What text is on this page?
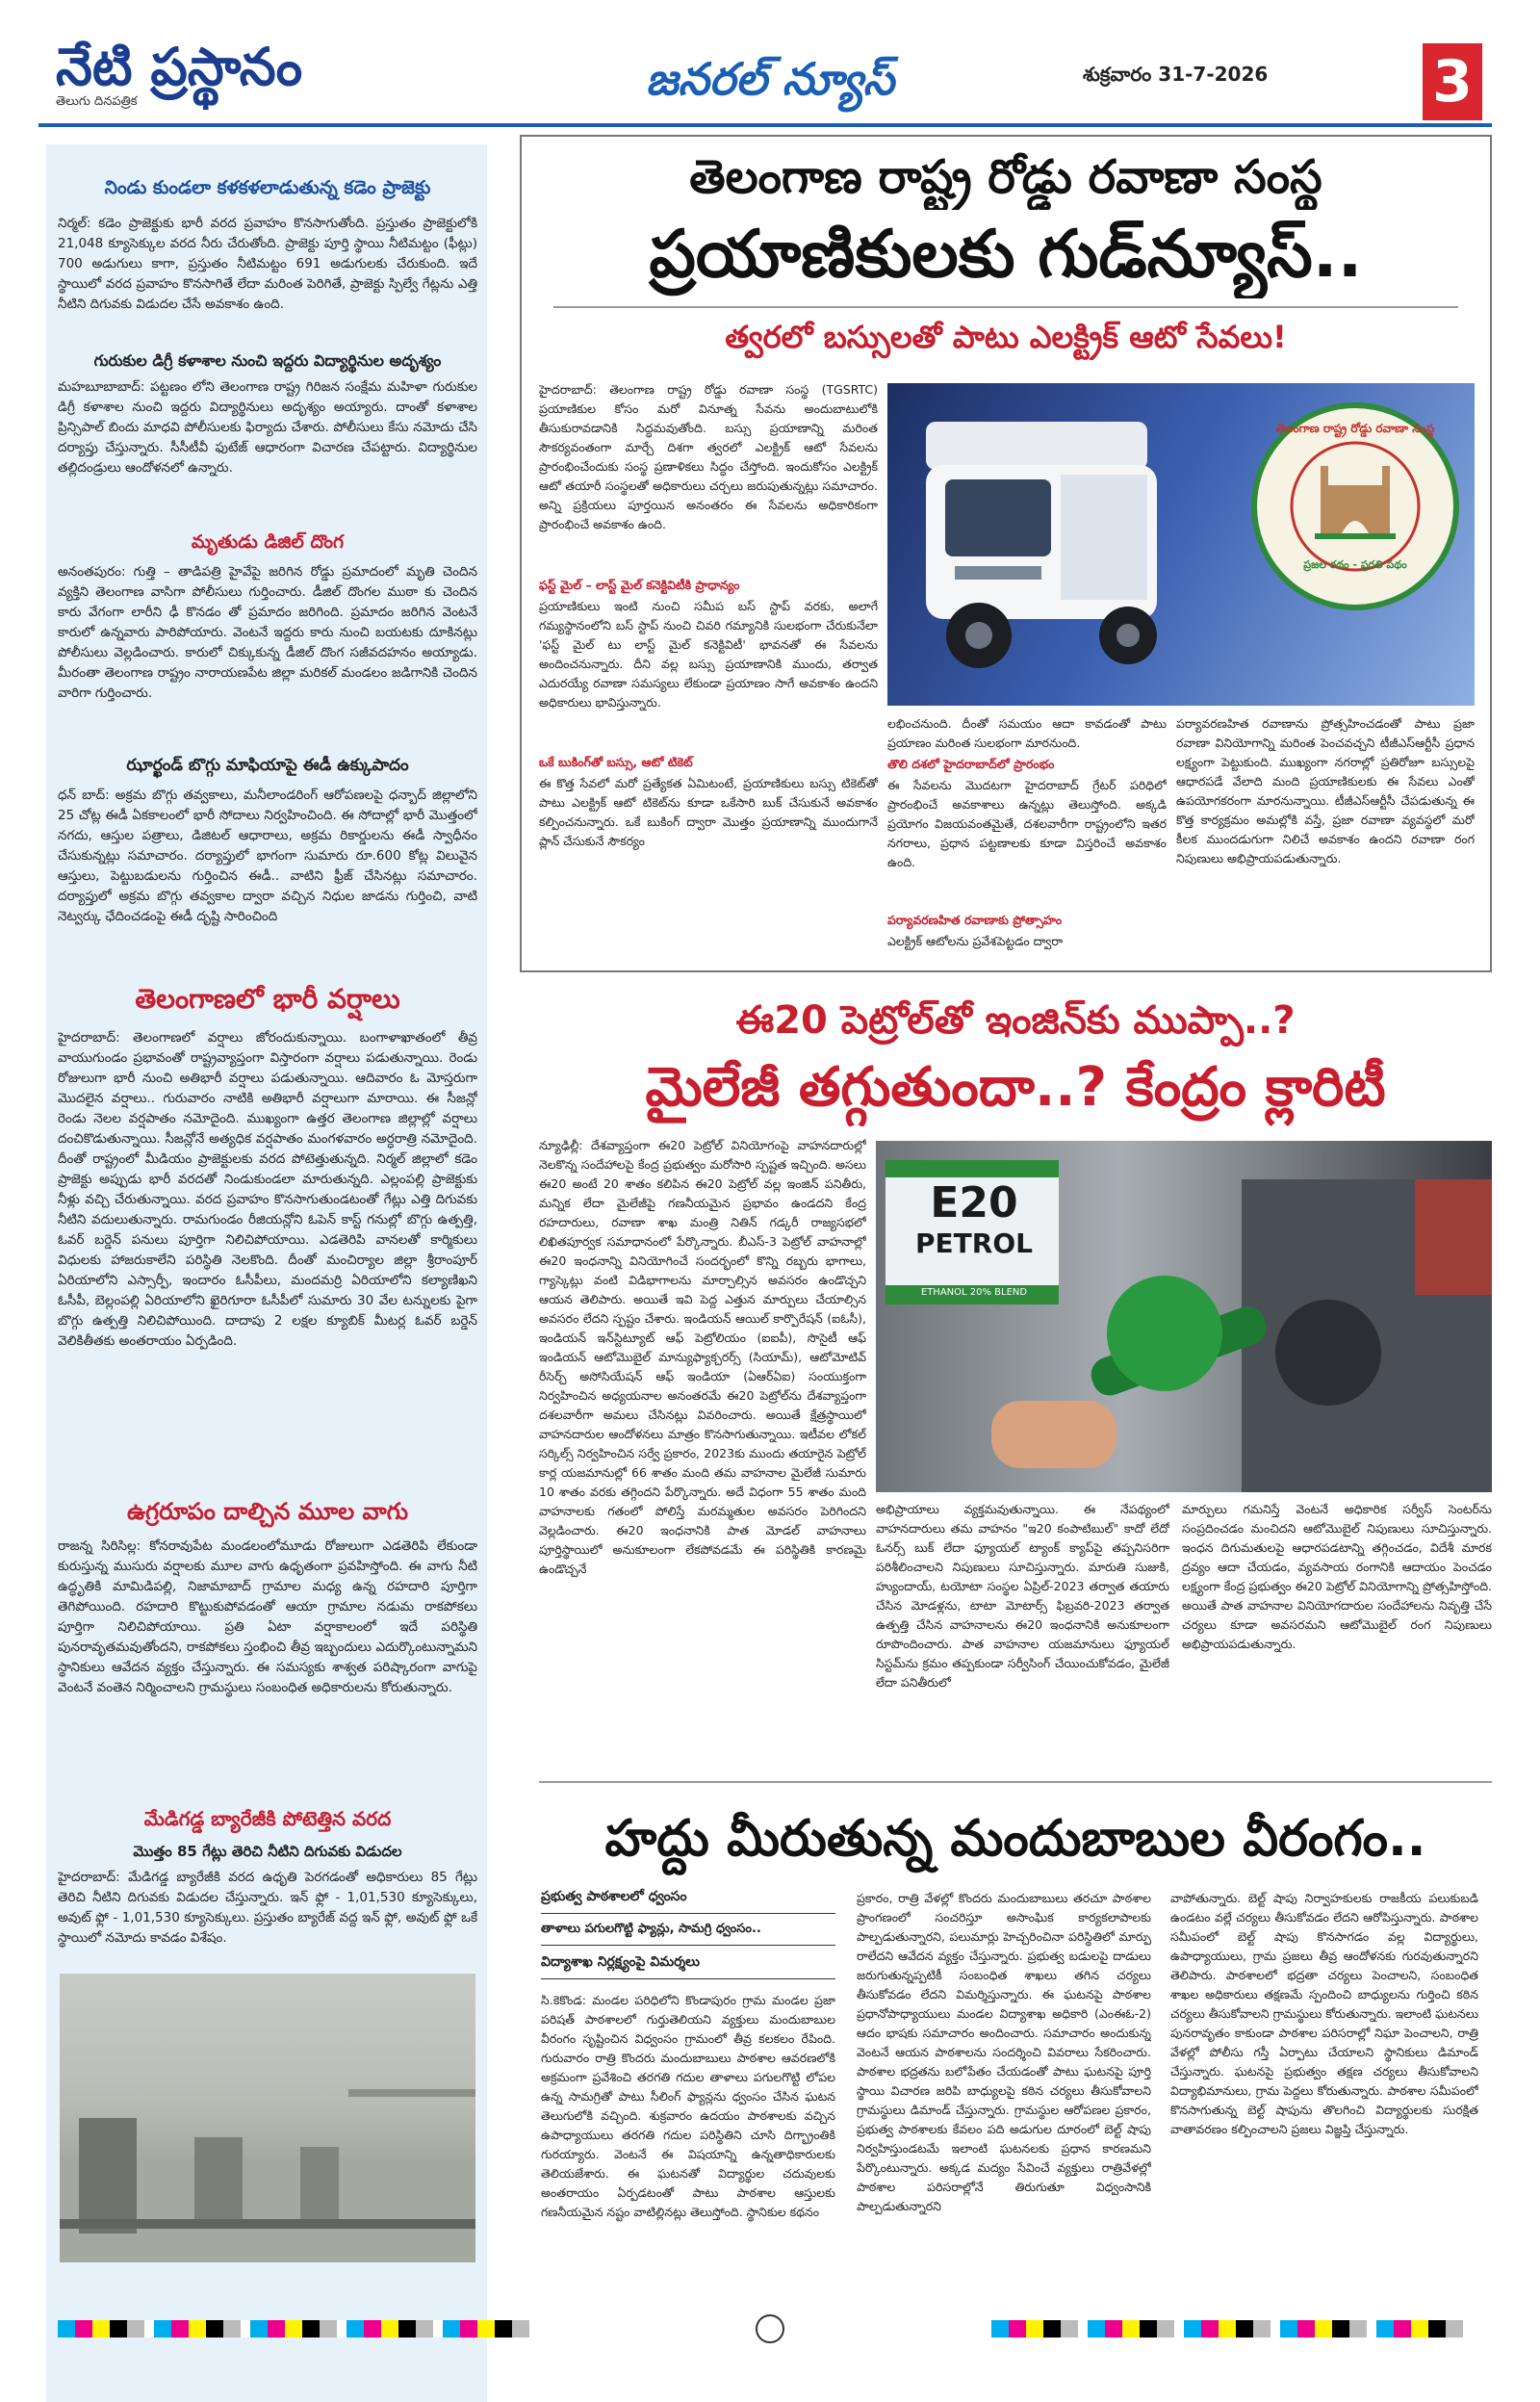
నేటి ప్రస్థానం
తెలుగు దినపత్రిక	జనరల్ న్యూస్	శుక్రవారం 31-7-2026	3
నిండు కుండలా కళకళలాడుతున్న కడెం ప్రాజెక్టు
నిర్మల్: కడెం ప్రాజెక్టుకు భారీ వరద ప్రవాహం కొనసాగుతోంది. ప్రస్తుతం ప్రాజెక్టులోకి 21,048 క్యూసెక్కుల వరద నీరు చేరుతోంది. ప్రాజెక్టు పూర్తి స్థాయి నీటిమట్టం (ఫీట్లు) 700 అడుగులు కాగా, ప్రస్తుతం నీటిమట్టం 691 అడుగులకు చేరుకుంది. ఇదే స్థాయిలో వరద ప్రవాహం కొనసాగితే లేదా మరింత పెరిగితే, ప్రాజెక్టు స్పిల్వే గేట్లను ఎత్తి నీటిని దిగువకు విడుదల చేసే అవకాశం ఉంది.
గురుకుల డిగ్రీ కళాశాల నుంచి ఇద్దరు విద్యార్థినుల అదృశ్యం
మహబూబాబాద్: పట్టణం లోని తెలంగాణ రాష్ట్ర గిరిజన సంక్షేమ మహిళా గురుకుల డిగ్రీ కళాశాల నుంచి ఇద్దరు విద్యార్థినులు అదృశ్యం అయ్యారు. దాంతో కళాశాల ప్రిన్సిపాల్ బిందు మాధవి పోలీసులకు ఫిర్యాదు చేశారు. పోలీసులు కేసు నమోదు చేసి దర్యాప్తు చేస్తున్నారు. సీసీటీవీ ఫుటేజ్ ఆధారంగా విచారణ చేపట్టారు. విద్యార్థినుల తల్లిదండ్రులు ఆందోళనలో ఉన్నారు.
మృతుడు డిజిల్ దొంగ
అనంతపురం: గుత్తి – తాడిపత్రి హైవేపై జరిగిన రోడ్డు ప్రమాదంలో మృతి చెందిన వ్యక్తిని తెలంగాణ వాసిగా పోలీసులు గుర్తించారు. డీజిల్ దొంగల ముఠా కు చెందిన కారు వేగంగా లారీని ఢీ కొనడం తో ప్రమాదం జరిగింది. ప్రమాదం జరిగిన వెంటనే కారులో ఉన్నవారు పారిపోయారు. వెంటనే ఇద్దరు కారు నుంచి బయటకు దూకినట్లు పోలీసులు వెల్లడించారు. కారులో చిక్కుకున్న డీజిల్ దొంగ సజీవదహనం అయ్యాడు. మీరంతా తెలంగాణ రాష్ట్రం నారాయణపేట జిల్లా మరికల్ మండలం జడిగానికి చెందిన వారిగా గుర్తించారు.
ఝార్ఖండ్ బొగ్గు మాఫియాపై ఈడీ ఉక్కుపాదం
ధన్ బాద్: అక్రమ బొగ్గు తవ్వకాలు, మనీలాండరింగ్ ఆరోపణలపై ధన్బాద్ జిల్లాలోని 25 చోట్ల ఈడీ ఏకకాలంలో భారీ సోదాలు నిర్వహించింది. ఈ సోదాల్లో భారీ మొత్తంలో నగదు, ఆస్తుల పత్రాలు, డిజిటల్ ఆధారాలు, అక్రమ రికార్డులను ఈడీ స్వాధీనం చేసుకున్నట్లు సమాచారం. దర్యాప్తులో భాగంగా సుమారు రూ.600 కోట్ల విలువైన ఆస్తులు, పెట్టుబడులను గుర్తించిన ఈడీ.. వాటిని ఫ్రీజ్ చేసినట్లు సమాచారం. దర్యాప్తులో అక్రమ బొగ్గు తవ్వకాల ద్వారా వచ్చిన నిధుల జాడను గుర్తించి, వాటి నెట్వర్కు ఛేదించడంపై ఈడీ దృష్టి సారించింది
తెలంగాణలో భారీ వర్షాలు
హైదరాబాద్: తెలంగాణలో వర్షాలు జోరందుకున్నాయి. బంగాళాఖాతంలో తీవ్ర వాయుగుండం ప్రభావంతో రాష్ట్రవ్యాప్తంగా విస్తారంగా వర్షాలు పడుతున్నాయి. రెండు రోజులుగా భారీ నుంచి అతిభారీ వర్షాలు పడుతున్నాయి. ఆదివారం ఓ మోస్తరుగా మొదలైన వర్షాలు.. గురువారం నాటికి అతిభారీ వర్షాలుగా మారాయి. ఈ సీజన్లో రెండు నెలల వర్షపాతం నమోదైంది. ముఖ్యంగా ఉత్తర తెలంగాణ జిల్లాల్లో వర్షాలు దంచికొడుతున్నాయి. సీజన్లోనే అత్యధిక వర్షపాతం మంగళవారం అర్ధరాత్రి నమోదైంది. దీంతో రాష్ట్రంలో మీడియం ప్రాజెక్టులకు వరద పోటెత్తుతున్నది. నిర్మల్ జిల్లాలో కడెం ప్రాజెక్టు అప్పుడు భారీ వరదతో నిండుకుండలా మారుతున్నది. ఎల్లంపల్లి ప్రాజెక్టుకు నీళ్లు వచ్చి చేరుతున్నాయి. వరద ప్రవాహం కొనసాగుతుండటంతో గేట్లు ఎత్తి దిగువకు నీటిని వదులుతున్నారు. రామగుండం రీజియన్లోని ఓపెన్ కాస్ట్ గనుల్లో బొగ్గు ఉత్పత్తి, ఓవర్ బర్డెన్ పనులు పూర్తిగా నిలిచిపోయాయి. ఎడతెరిపి వానలతో కార్మికులు విధులకు హాజరుకాలేని పరిస్థితి నెలకొంది. దీంతో మంచిర్యాల జిల్లా శ్రీరాంపూర్ ఏరియాలోని ఎస్సార్పీ, ఇందారం ఓసీపీలు, మందమర్రి ఏరియాలోని కల్యాణిఖని ఓసీపీ, బెల్లంపల్లి ఏరియాలోని ఖైరిగూరా ఓసీపీలో సుమారు 30 వేల టన్నులకు పైగా బొగ్గు ఉత్పత్తి నిలిచిపోయింది. దాదాపు 2 లక్షల క్యూబిక్ మీటర్ల ఓవర్ బర్డెన్ వెలికితీతకు అంతరాయం ఏర్పడింది.
ఉగ్రరూపం దాల్చిన మూల వాగు
రాజన్న సిరిసిల్ల: కోనరావుపేట మండలంలోమూడు రోజులుగా ఎడతెరిపి లేకుండా కురుస్తున్న ముసురు వర్షాలకు మూల వాగు ఉధృతంగా ప్రవహిస్తోంది. ఈ వాగు నీటి ఉద్ధృతికి మామిడిపల్లి, నిజామాబాద్ గ్రామాల మధ్య ఉన్న రహదారి పూర్తిగా తెగిపోయింది. రహదారి కొట్టుకుపోవడంతో ఆయా గ్రామాల నడుమ రాకపోకలు పూర్తిగా నిలిచిపోయాయి. ప్రతి ఏటా వర్షాకాలంలో ఇదే పరిస్థితి పునరావృతమవుతోందని, రాకపోకలు స్తంభించి తీవ్ర ఇబ్బందులు ఎదుర్కొంటున్నామని స్థానికులు ఆవేదన వ్యక్తం చేస్తున్నారు. ఈ సమస్యకు శాశ్వత పరిష్కారంగా వాగుపై వెంటనే వంతెన నిర్మించాలని గ్రామస్థులు సంబంధిత అధికారులను కోరుతున్నారు.
మేడిగడ్డ బ్యారేజీకి పోటెత్తిన వరద
మొత్తం 85 గేట్లు తెరిచి నీటిని దిగువకు విడుదల
హైదరాబాద్: మేడిగడ్డ బ్యారేజీకి వరద ఉధృతి పెరగడంతో అధికారులు 85 గేట్లు తెరిచి నీటిని దిగువకు విడుదల చేస్తున్నారు. ఇన్ ఫ్లో - 1,01,530 క్యూసెక్కులు, అవుట్ ఫ్లో - 1,01,530 క్యూసెక్కులు. ప్రస్తుతం బ్యారేజ్ వద్ద ఇన్ ఫ్లో, అవుట్ ఫ్లో ఒకే స్థాయిలో నమోదు కావడం విశేషం.
తెలంగాణ రాష్ట్ర రోడ్డు రవాణా సంస్థ
ప్రయాణికులకు గుడ్‌న్యూస్..
త్వరలో బస్సులతో పాటు ఎలక్ట్రిక్ ఆటో సేవలు!
హైదరాబాద్: తెలంగాణ రాష్ట్ర రోడ్డు రవాణా సంస్థ (TGSRTC) ప్రయాణికుల కోసం మరో వినూత్న సేవను అందుబాటులోకి తీసుకురావడానికి సిద్ధమవుతోంది. బస్సు ప్రయాణాన్ని మరింత సౌకర్యవంతంగా మార్చే దిశగా త్వరలో ఎలక్ట్రిక్ ఆటో సేవలను ప్రారంభించేందుకు సంస్థ ప్రణాళికలు సిద్ధం చేస్తోంది. ఇందుకోసం ఎలక్ట్రిక్ ఆటో తయారీ సంస్థలతో అధికారులు చర్చలు జరుపుతున్నట్లు సమాచారం. అన్ని ప్రక్రియలు పూర్తయిన అనంతరం ఈ సేవలను అధికారికంగా ప్రారంభించే అవకాశం ఉంది.
ఫస్ట్ మైల్ – లాస్ట్ మైల్ కనెక్టివిటీకి ప్రాధాన్యం
ప్రయాణికులు ఇంటి నుంచి సమీప బస్ స్టాప్ వరకు, అలాగే గమ్యస్థానంలోని బస్ స్టాప్ నుంచి చివరి గమ్యానికి సులభంగా చేరుకునేలా 'ఫస్ట్ మైల్ టు లాస్ట్ మైల్ కనెక్టివిటీ' భావనతో ఈ సేవలను అందించనున్నారు. దీని వల్ల బస్సు ప్రయాణానికి ముందు, తర్వాత ఎదురయ్యే రవాణా సమస్యలు లేకుండా ప్రయాణం సాగే అవకాశం ఉందని అధికారులు భావిస్తున్నారు.
ఒకే బుకింగ్‌తో బస్సు, ఆటో టికెట్
ఈ కొత్త సేవలో మరో ప్రత్యేకత ఏమిటంటే, ప్రయాణికులు బస్సు టికెట్‌తో పాటు ఎలక్ట్రిక్ ఆటో టికెట్‌ను కూడా ఒకేసారి బుక్ చేసుకునే అవకాశం కల్పించనున్నారు. ఒకే బుకింగ్ ద్వారా మొత్తం ప్రయాణాన్ని ముందుగానే ప్లాన్ చేసుకునే సౌకర్యం
తెలంగాణ రాష్ట్ర రోడ్డు రవాణా సంస్థ
ప్రజల రథం - ప్రగతి పథం
లభించనుంది. దీంతో సమయం ఆదా కావడంతో పాటు ప్రయాణం మరింత సులభంగా మారనుంది.
తొలి దశలో హైదరాబాద్‌లో ప్రారంభం
ఈ సేవలను మొదటగా హైదరాబాద్ గ్రేటర్ పరిధిలో ప్రారంభించే అవకాశాలు ఉన్నట్లు తెలుస్తోంది. అక్కడి ప్రయోగం విజయవంతమైతే, దశలవారీగా రాష్ట్రంలోని ఇతర నగరాలు, ప్రధాన పట్టణాలకు కూడా విస్తరించే అవకాశం ఉంది.
పర్యావరణహిత రవాణాకు ప్రోత్సాహం
ఎలక్ట్రిక్ ఆటోలను ప్రవేశపెట్టడం ద్వారా
పర్యావరణహిత రవాణాను ప్రోత్సహించడంతో పాటు ప్రజా రవాణా వినియోగాన్ని మరింత పెంచవచ్చని టీజీఎస్ఆర్టీసీ ప్రధాన లక్ష్యంగా పెట్టుకుంది. ముఖ్యంగా నగరాల్లో ప్రతిరోజూ బస్సులపై ఆధారపడే వేలాది మంది ప్రయాణికులకు ఈ సేవలు ఎంతో ఉపయోగకరంగా మారనున్నాయి. టీజీఎస్ఆర్టీసీ చేపడుతున్న ఈ కొత్త కార్యక్రమం అమల్లోకి వస్తే, ప్రజా రవాణా వ్యవస్థలో మరో కీలక ముందడుగుగా నిలిచే అవకాశం ఉందని రవాణా రంగ నిపుణులు అభిప్రాయపడుతున్నారు.
ఈ20 పెట్రోల్‌తో ఇంజిన్‌కు ముప్పా..?
మైలేజీ తగ్గుతుందా..? కేంద్రం క్లారిటీ
న్యూఢిల్లీ: దేశవ్యాప్తంగా ఈ20 పెట్రోల్ వినియోగంపై వాహనదారుల్లో నెలకొన్న సందేహాలపై కేంద్ర ప్రభుత్వం మరోసారి స్పష్టత ఇచ్చింది. అసలు ఈ20 అంటే 20 శాతం కలిపిన ఈ20 పెట్రోల్ వల్ల ఇంజిన్ పనితీరు, మన్నిక లేదా మైలేజీపై గణనీయమైన ప్రభావం ఉండదని కేంద్ర రహదారులు, రవాణా శాఖ మంత్రి నితిన్ గడ్కరీ రాజ్యసభలో లిఖితపూర్వక సమాధానంలో పేర్కొన్నారు. బీఎస్-3 పెట్రోల్ వాహనాల్లో ఈ20 ఇంధనాన్ని వినియోగించే సందర్భంలో కొన్ని రబ్బరు భాగాలు, గ్యాస్కెట్లు వంటి విడిభాగాలను మార్చాల్సిన అవసరం ఉండొచ్చని ఆయన తెలిపారు. అయితే ఇవి పెద్ద ఎత్తున మార్పులు చేయాల్సిన అవసరం లేదని స్పష్టం చేశారు. ఇండియన్ ఆయిల్ కార్పొరేషన్ (ఐఓసీ), ఇండియన్ ఇన్‌స్టిట్యూట్ ఆఫ్ పెట్రోలియం (ఐఐపీ), సొసైటీ ఆఫ్ ఇండియన్ ఆటోమొబైల్ మాన్యుఫ్యాక్చరర్స్ (సియామ్), ఆటోమోటివ్ రీసెర్చ్ అసోసియేషన్ ఆఫ్ ఇండియా (ఏఆర్ఏఐ) సంయుక్తంగా నిర్వహించిన అధ్యయనాల అనంతరమే ఈ20 పెట్రోల్‌ను దేశవ్యాప్తంగా దశలవారీగా అమలు చేసినట్లు వివరించారు. అయితే క్షేత్రస్థాయిలో వాహనదారుల ఆందోళనలు మాత్రం కొనసాగుతున్నాయి. ఇటీవల లోకల్ సర్కిల్స్ నిర్వహించిన సర్వే ప్రకారం, 2023కు ముందు తయారైన పెట్రోల్ కార్ల యజమానుల్లో 66 శాతం మంది తమ వాహనాల మైలేజీ సుమారు 10 శాతం వరకు తగ్గిందని పేర్కొన్నారు. అదే విధంగా 55 శాతం మంది వాహనాలకు గతంలో పోలిస్తే మరమ్మతుల అవసరం పెరిగిందని వెల్లడించారు. ఈ20 ఇంధనానికి పాత మోడల్ వాహనాలు పూర్తిస్థాయిలో అనుకూలంగా లేకపోవడమే ఈ పరిస్థితికి కారణమై ఉండొచ్చనే
E20
PETROL
ETHANOL 20% BLEND
అభిప్రాయాలు వ్యక్తమవుతున్నాయి. ఈ నేపథ్యంలో వాహనదారులు తమ వాహనం "ఇ20 కంపాటిబుల్" కాదో లేదో ఓనర్స్ బుక్ లేదా ఫ్యూయల్ ట్యాంక్ క్యాప్‌పై తప్పనిసరిగా పరిశీలించాలని నిపుణులు సూచిస్తున్నారు. మారుతి సుజుకి, హ్యుందాయ్, టయోటా సంస్థల ఏప్రిల్-2023 తర్వాత తయారు చేసిన మోడళ్లను, టాటా మోటార్స్ ఫిబ్రవరి-2023 తర్వాత ఉత్పత్తి చేసిన వాహనాలను ఈ20 ఇంధనానికి అనుకూలంగా రూపొందించారు. పాత వాహనాల యజమానులు ఫ్యూయల్ సిస్టమ్‌ను క్రమం తప్పకుండా సర్వీసింగ్ చేయించుకోవడం, మైలేజీ లేదా పనితీరులో
మార్పులు గమనిస్తే వెంటనే అధికారిక సర్వీస్ సెంటర్‌ను సంప్రదించడం మంచిదని ఆటోమొబైల్ నిపుణులు సూచిస్తున్నారు. ఇంధన దిగుమతులపై ఆధారపడటాన్ని తగ్గించడం, విదేశీ మారక ద్రవ్యం ఆదా చేయడం, వ్యవసాయ రంగానికి ఆదాయం పెంచడం లక్ష్యంగా కేంద్ర ప్రభుత్వం ఈ20 పెట్రోల్ వినియోగాన్ని ప్రోత్సహిస్తోంది. అయితే పాత వాహనాల వినియోగదారుల సందేహాలను నివృత్తి చేసే చర్యలు కూడా అవసరమని ఆటోమొబైల్ రంగ నిపుణులు అభిప్రాయపడుతున్నారు.
హద్దు మీరుతున్న మందుబాబుల వీరంగం..
ప్రభుత్వ పాఠశాలలో ధ్వంసం
తాళాలు పగులగొట్టి ఫ్యాన్లు, సామగ్రి ధ్వంసం..
విద్యాశాఖ నిర్లక్ష్యంపై విమర్శలు
సి.కెకొండ: మండల పరిధిలోని కొండాపురం గ్రామ మండల ప్రజా పరిషత్ పాఠశాలలో గుర్తుతెలియని వ్యక్తులు మందుబాబుల వీరంగం సృష్టించిన విధ్వంసం గ్రామంలో తీవ్ర కలకలం రేపింది. గురువారం రాత్రి కొందరు మందుబాబులు పాఠశాల ఆవరణలోకి అక్రమంగా ప్రవేశించి తరగతి గదుల తాళాలు పగులగొట్టి లోపల ఉన్న సామగ్రితో పాటు సీలింగ్ ఫ్యాన్లను ధ్వంసం చేసిన ఘటన తెలుగులోకి వచ్చింది. శుక్రవారం ఉదయం పాఠశాలకు వచ్చిన ఉపాధ్యాయులు తరగతి గదుల పరిస్థితిని చూసి దిగ్భ్రాంతికి గురయ్యారు. వెంటనే ఈ విషయాన్ని ఉన్నతాధికారులకు తెలియజేశారు. ఈ ఘటనతో విద్యార్థుల చదువులకు అంతరాయం ఏర్పడటంతో పాటు పాఠశాల ఆస్తులకు గణనీయమైన నష్టం వాటిల్లినట్లు తెలుస్తోంది. స్థానికుల కథనం
ప్రకారం, రాత్రి వేళల్లో కొందరు మందుబాబులు తరచూ పాఠశాల ప్రాంగణంలో సంచరిస్తూ అసాంఘిక కార్యకలాపాలకు పాల్పడుతున్నారని, పలుమార్లు హెచ్చరించినా పరిస్థితిలో మార్పు రాలేదని ఆవేదన వ్యక్తం చేస్తున్నారు. ప్రభుత్వ బడులపై దాడులు జరుగుతున్నప్పటికీ సంబంధిత శాఖలు తగిన చర్యలు తీసుకోవడం లేదని విమర్శిస్తున్నారు. ఈ ఘటనపై పాఠశాల ప్రధానోపాధ్యాయులు మండల విద్యాశాఖ అధికారి (ఎంఈఓ-2) ఆదం భాషకు సమాచారం అందించారు. సమాచారం అందుకున్న వెంటనే ఆయన పాఠశాలను సందర్శించి వివరాలు సేకరించారు. పాఠశాల భద్రతను బలోపేతం చేయడంతో పాటు ఘటనపై పూర్తి స్థాయి విచారణ జరిపి బాధ్యులపై కఠిన చర్యలు తీసుకోవాలని గ్రామస్థులు డిమాండ్ చేస్తున్నారు. గ్రామస్థుల ఆరోపణల ప్రకారం, ప్రభుత్వ పాఠశాలకు కేవలం పది అడుగుల దూరంలో బెల్ట్ షాపు నిర్వహిస్తుండటమే ఇలాంటి ఘటనలకు ప్రధాన కారణమని పేర్కొంటున్నారు. అక్కడ మద్యం సేవించే వ్యక్తులు రాత్రివేళల్లో పాఠశాల పరిసరాల్లోనే తిరుగుతూ విధ్వంసానికి పాల్పడుతున్నారని
వాపోతున్నారు. బెల్ట్ షాపు నిర్వాహకులకు రాజకీయ పలుకుబడి ఉండటం వల్లే చర్యలు తీసుకోవడం లేదని ఆరోపిస్తున్నారు. పాఠశాల సమీపంలో బెల్ట్ షాపు కొనసాగడం వల్ల విద్యార్థులు, ఉపాధ్యాయులు, గ్రామ ప్రజలు తీవ్ర ఆందోళనకు గురవుతున్నారని తెలిపారు. పాఠశాలలో భద్రతా చర్యలు పెంచాలని, సంబంధిత శాఖల అధికారులు తక్షణమే స్పందించి బాధ్యులను గుర్తించి కఠిన చర్యలు తీసుకోవాలని గ్రామస్థులు కోరుతున్నారు. ఇలాంటి ఘటనలు పునరావృతం కాకుండా పాఠశాల పరిసరాల్లో నిఘా పెంచాలని, రాత్రి వేళల్లో పోలీసు గస్తీ ఏర్పాటు చేయాలని స్థానికులు డిమాండ్ చేస్తున్నారు. ఘటనపై ప్రభుత్వం తక్షణ చర్యలు తీసుకోవాలని విద్యాభిమానులు, గ్రామ పెద్దలు కోరుతున్నారు. పాఠశాల సమీపంలో కొనసాగుతున్న బెల్ట్ షాపును తొలగించి విద్యార్థులకు సురక్షిత వాతావరణం కల్పించాలని ప్రజలు విజ్ఞప్తి చేస్తున్నారు.
